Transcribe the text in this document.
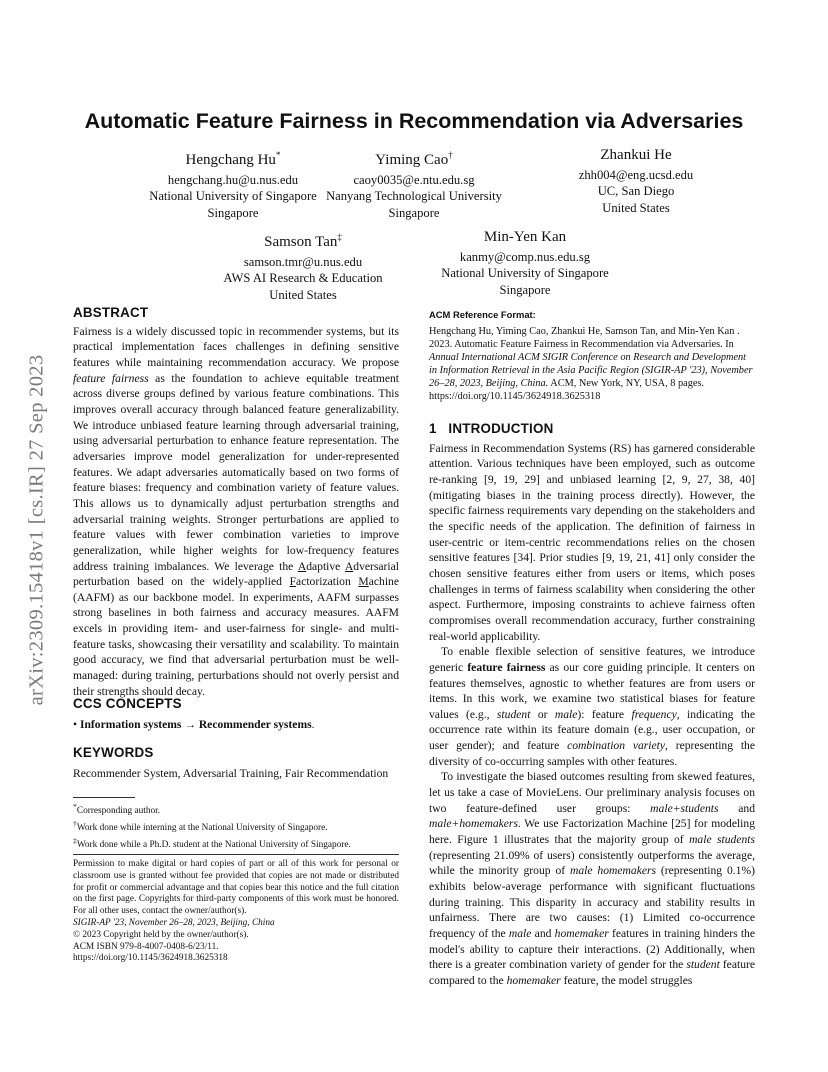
arXiv:2309.15418v1 [cs.IR] 27 Sep 2023
Automatic Feature Fairness in Recommendation via Adversaries
Hengchang Hu*
hengchang.hu@u.nus.edu
National University of Singapore
Singapore
Yiming Cao†
caoy0035@e.ntu.edu.sg
Nanyang Technological University
Singapore
Zhankui He
zhh004@eng.ucsd.edu
UC, San Diego
United States
Samson Tan‡
samson.tmr@u.nus.edu
AWS AI Research & Education
United States
Min-Yen Kan
kanmy@comp.nus.edu.sg
National University of Singapore
Singapore
ABSTRACT

Fairness is a widely discussed topic in recommender systems, but its practical implementation faces challenges in defining sensitive features while maintaining recommendation accuracy. We propose feature fairness as the foundation to achieve equitable treatment across diverse groups defined by various feature combinations. This improves overall accuracy through balanced feature generalizability. We introduce unbiased feature learning through adversarial training, using adversarial perturbation to enhance feature representation. The adversaries improve model generalization for under-represented features. We adapt adversaries automatically based on two forms of feature biases: frequency and combination variety of feature values. This allows us to dynamically adjust perturbation strengths and adversarial training weights. Stronger perturbations are applied to feature values with fewer combination varieties to improve generalization, while higher weights for low-frequency features address training imbalances. We leverage the Adaptive Adversarial perturbation based on the widely-applied Factorization Machine (AAFM) as our backbone model. In experiments, AAFM surpasses strong baselines in both fairness and accuracy measures. AAFM excels in providing item- and user-fairness for single- and multi-feature tasks, showcasing their versatility and scalability. To maintain good accuracy, we find that adversarial perturbation must be well-managed: during training, perturbations should not overly persist and their strengths should decay.

CCS CONCEPTS

• Information systems → Recommender systems.

KEYWORDS

Recommender System, Adversarial Training, Fair Recommendation

*Corresponding author.
†Work done while interning at the National University of Singapore.
‡Work done while a Ph.D. student at the National University of Singapore.

Permission to make digital or hard copies of part or all of this work for personal or classroom use is granted without fee provided that copies are not made or distributed for profit or commercial advantage and that copies bear this notice and the full citation on the first page. Copyrights for third-party components of this work must be honored. For all other uses, contact the owner/author(s).

SIGIR-AP '23, November 26–28, 2023, Beijing, China

© 2023 Copyright held by the owner/author(s).

ACM ISBN 979-8-4007-0408-6/23/11.

https://doi.org/10.1145/3624918.3625318

ACM Reference Format:

Hengchang Hu, Yiming Cao, Zhankui He, Samson Tan, and Min-Yen Kan . 2023. Automatic Feature Fairness in Recommendation via Adversaries. In Annual International ACM SIGIR Conference on Research and Development in Information Retrieval in the Asia Pacific Region (SIGIR-AP '23), November 26–28, 2023, Beijing, China. ACM, New York, NY, USA, 8 pages. https://doi.org/10.1145/3624918.3625318

1   INTRODUCTION

Fairness in Recommendation Systems (RS) has garnered considerable attention. Various techniques have been employed, such as outcome re-ranking [9, 19, 29] and unbiased learning [2, 9, 27, 38, 40] (mitigating biases in the training process directly). However, the specific fairness requirements vary depending on the stakeholders and the specific needs of the application. The definition of fairness in user-centric or item-centric recommendations relies on the chosen sensitive features [34]. Prior studies [9, 19, 21, 41] only consider the chosen sensitive features either from users or items, which poses challenges in terms of fairness scalability when considering the other aspect. Furthermore, imposing constraints to achieve fairness often compromises overall recommendation accuracy, further constraining real-world applicability.

To enable flexible selection of sensitive features, we introduce generic feature fairness as our core guiding principle. It centers on features themselves, agnostic to whether features are from users or items. In this work, we examine two statistical biases for feature values (e.g., student or male): feature frequency, indicating the occurrence rate within its feature domain (e.g., user occupation, or user gender); and feature combination variety, representing the diversity of co-occurring samples with other features.

To investigate the biased outcomes resulting from skewed features, let us take a case of MovieLens. Our preliminary analysis focuses on two feature-defined user groups: male+students and male+homemakers. We use Factorization Machine [25] for modeling here. Figure 1 illustrates that the majority group of male students (representing 21.09% of users) consistently outperforms the average, while the minority group of male homemakers (representing 0.1%) exhibits below-average performance with significant fluctuations during training. This disparity in accuracy and stability results in unfairness. There are two causes: (1) Limited co-occurrence frequency of the male and homemaker features in training hinders the model's ability to capture their interactions. (2) Additionally, when there is a greater combination variety of gender for the student feature compared to the homemaker feature, the model struggles
